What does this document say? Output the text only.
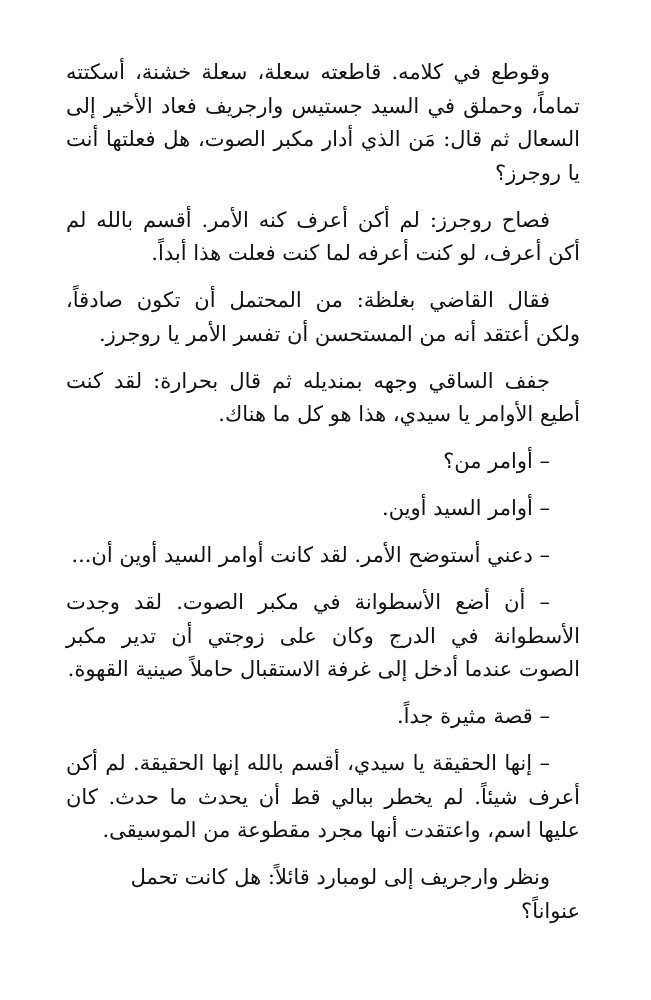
وقوطع في كلامه. قاطعته سعلة، سعلة خشنة، أسكتته تماماً، وحملق في السيد جستيس وارجريف فعاد الأخير إلى السعال ثم قال: مَن الذي أدار مكبر الصوت، هل فعلتها أنت يا روجرز؟

فصاح روجرز: لم أكن أعرف كنه الأمر. أقسم بالله لم أكن أعرف، لو كنت أعرفه لما كنت فعلت هذا أبداً.

فقال القاضي بغلظة: من المحتمل أن تكون صادقاً، ولكن أعتقد أنه من المستحسن أن تفسر الأمر يا روجرز.

جفف الساقي وجهه بمنديله ثم قال بحرارة: لقد كنت أطيع الأوامر يا سيدي، هذا هو كل ما هناك.

– أوامر من؟

– أوامر السيد أوين.

– دعني أستوضح الأمر. لقد كانت أوامر السيد أوين أن...

– أن أضع الأسطوانة في مكبر الصوت. لقد وجدت الأسطوانة في الدرج وكان على زوجتي أن تدير مكبر الصوت عندما أدخل إلى غرفة الاستقبال حاملاً صينية القهوة.

– قصة مثيرة جداً.

– إنها الحقيقة يا سيدي، أقسم بالله إنها الحقيقة. لم أكن أعرف شيئاً. لم يخطر ببالي قط أن يحدث ما حدث. كان عليها اسم، واعتقدت أنها مجرد مقطوعة من الموسيقى.

ونظر وارجريف إلى لومبارد قائلاً: هل كانت تحمل عنواناً؟
